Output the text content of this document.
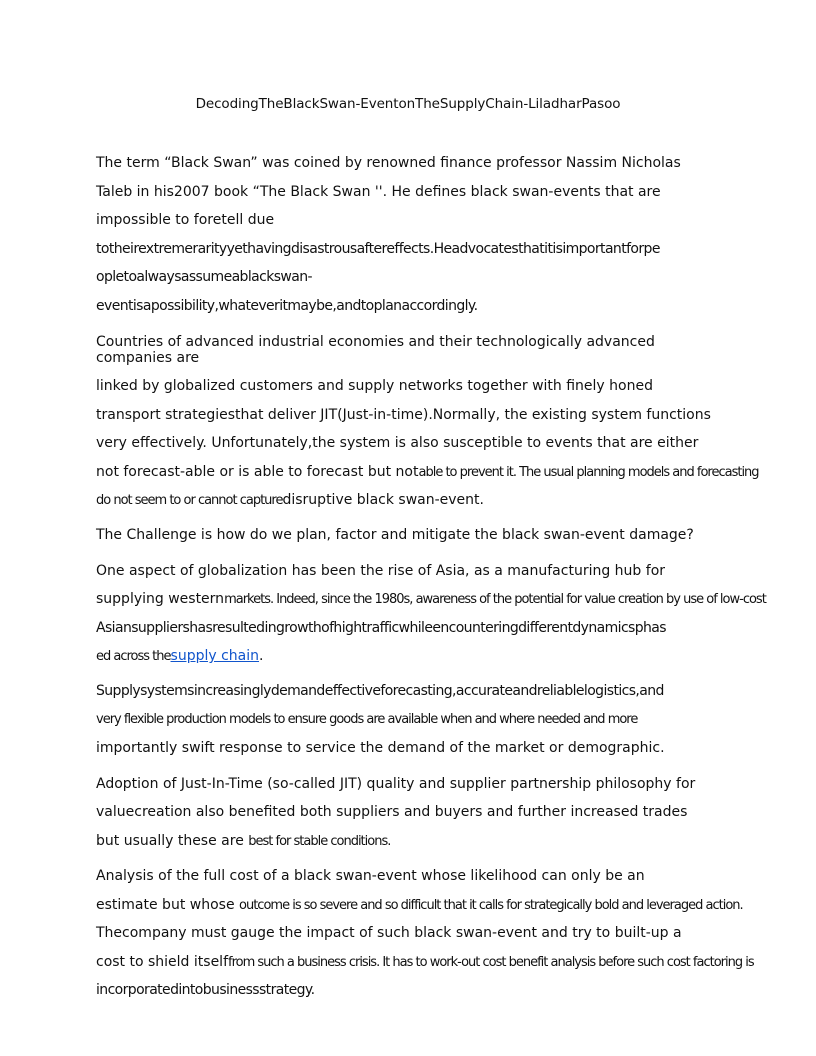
DecodingTheBlackSwan-EventonTheSupplyChain-LiladharPasoo
The term “Black Swan” was coined by renowned finance professor Nassim Nicholas
Taleb in his2007 book “The Black Swan ''. He defines black swan-events that are
impossible to foretell due
totheirextremerarityyethavingdisastrousaftereffects.Headvocatesthatitisimportantforpe
opletoalwaysassumeablackswan-
eventisapossibility,whateveritmaybe,andtoplanaccordingly.
Countries of advanced industrial economies and their technologically advanced
companies are
linked by globalized customers and supply networks together with finely honed
transport strategiesthat deliver JIT(Just-in-time).Normally, the existing system functions
very effectively. Unfortunately,the system is also susceptible to events that are either
not forecast-able or is able to forecast but notable to prevent it. The usual planning models and forecasting
do not seem to or cannot capturedisruptive black swan-event.
The Challenge is how do we plan, factor and mitigate the black swan-event damage?
One aspect of globalization has been the rise of Asia, as a manufacturing hub for
supplying westernmarkets. Indeed, since the 1980s, awareness of the potential for value creation by use of low-cost
Asiansuppliershasresultedingrowthofhightrafficwhileencounteringdifferentdynamicsphas
ed across thesupply chain.
Supplysystemsincreasinglydemandeffectiveforecasting,accurateandreliablelogistics,and
very flexible production models to ensure goods are available when and where needed and more
importantly swift response to service the demand of the market or demographic.
Adoption of Just-In-Time (so-called JIT) quality and supplier partnership philosophy for
valuecreation also benefited both suppliers and buyers and further increased trades
but usually these are best for stable conditions.
Analysis of the full cost of a black swan-event whose likelihood can only be an
estimate but whose outcome is so severe and so difficult that it calls for strategically bold and leveraged action.
Thecompany must gauge the impact of such black swan-event and try to built-up a
cost to shield itselffrom such a business crisis. It has to work-out cost benefit analysis before such cost factoring is
incorporatedintobusinessstrategy.
